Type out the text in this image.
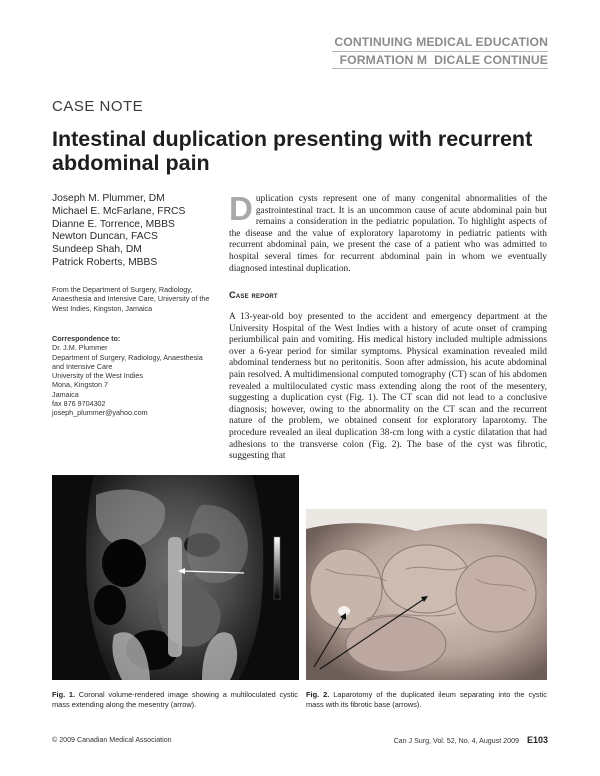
CONTINUING MEDICAL EDUCATION
FORMATION M  DICALE CONTINUE
CASE NOTE
Intestinal duplication presenting with recurrent abdominal pain
Joseph M. Plummer, DM
Michael E. McFarlane, FRCS
Dianne E. Torrence, MBBS
Newton Duncan, FACS
Sundeep Shah, DM
Patrick Roberts, MBBS
From the Department of Surgery, Radiology, Anaesthesia and Intensive Care, University of the West Indies, Kingston, Jamaica
Correspondence to:
Dr. J.M. Plummer
Department of Surgery, Radiology, Anaesthesia and Intensive Care
University of the West Indies
Mona, Kingston 7
Jamaica
fax 876 9704302
joseph_plummer@yahoo.com
Duplication cysts represent one of many congenital abnormalities of the gastrointestinal tract. It is an uncommon cause of acute abdominal pain but remains a consideration in the pediatric population. To highlight aspects of the disease and the value of exploratory laparotomy in pediatric patients with recurrent abdominal pain, we present the case of a patient who was admitted to hospital several times for recurrent abdominal pain in whom we eventually diagnosed intestinal duplication.
Case report
A 13-year-old boy presented to the accident and emergency department at the University Hospital of the West Indies with a history of acute onset of cramping periumbilical pain and vomiting. His medical history included multiple admissions over a 6-year period for similar symptoms. Physical examination revealed mild abdominal tenderness but no peritonitis. Soon after admission, his acute abdominal pain resolved. A multidimensional computed tomography (CT) scan of his abdomen revealed a multiloculated cystic mass extending along the root of the mesentery, suggesting a duplication cyst (Fig. 1). The CT scan did not lead to a conclusive diagnosis; however, owing to the abnormality on the CT scan and the recurrent nature of the problem, we obtained consent for exploratory laparotomy. The procedure revealed an ileal duplication 38-cm long with a cystic dilatation that had adhesions to the transverse colon (Fig. 2). The base of the cyst was fibrotic, suggesting that
Fig. 1. Coronal volume-rendered image showing a multiloculated cystic mass extending along the mesentry (arrow).
Fig. 2. Laparotomy of the duplicated ileum separating into the cystic mass with its fibrotic base (arrows).
© 2009 Canadian Medical Association	Can J Surg, Vol. 52, No. 4, August 2009 E103
